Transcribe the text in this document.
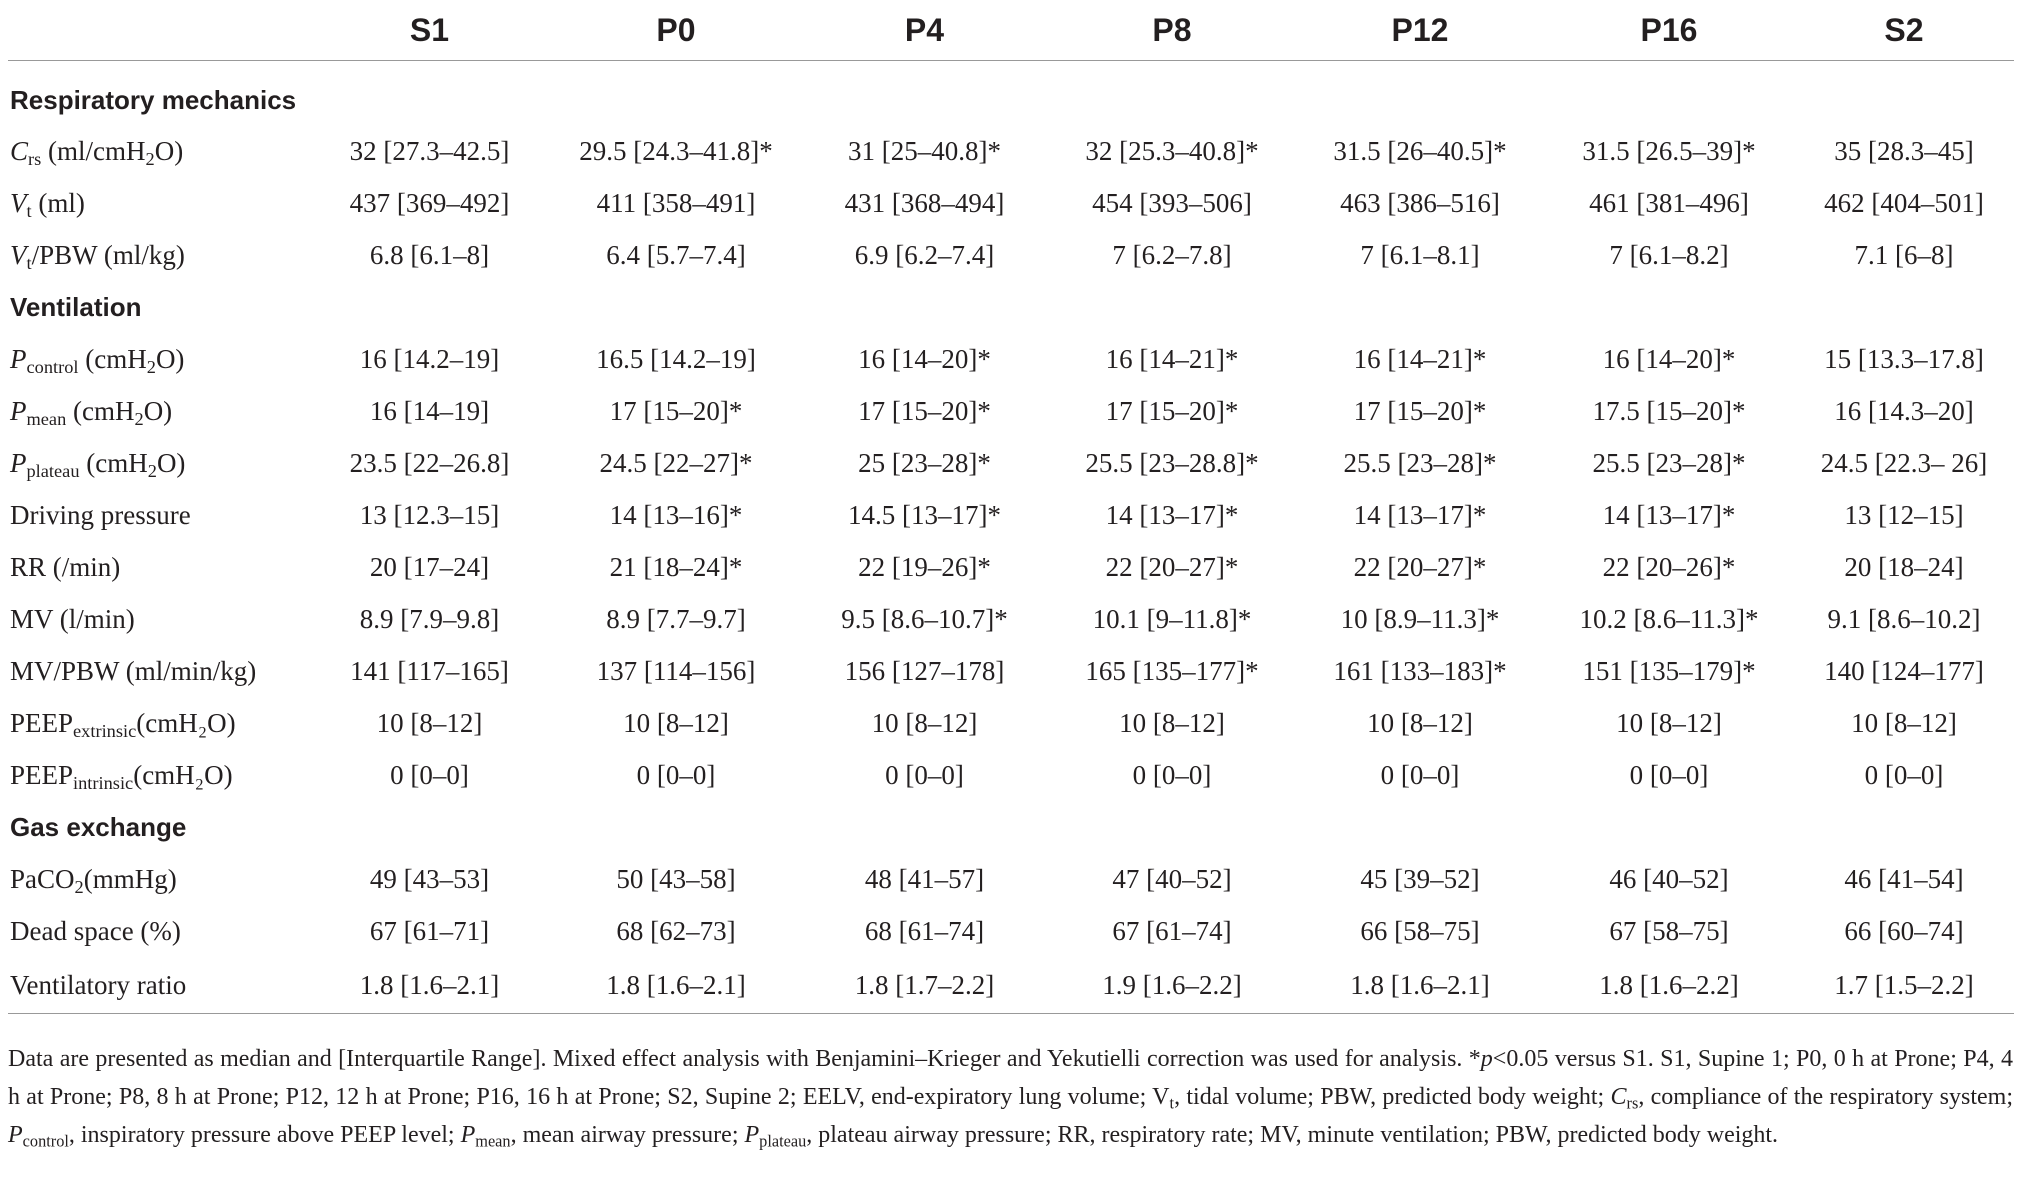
	S1	P0	P4	P8	P12	P16	S2
Respiratory mechanics							
$C_{rs}$ (ml/cmH$_2$O)	32 [27.3–42.5]	29.5 [24.3–41.8]*	31 [25–40.8]*	32 [25.3–40.8]*	31.5 [26–40.5]*	31.5 [26.5–39]*	35 [28.3–45]
$V_t$ (ml)	437 [369–492]	411 [358–491]	431 [368–494]	454 [393–506]	463 [386–516]	461 [381–496]	462 [404–501]
$V_t$/PBW (ml/kg)	6.8 [6.1–8]	6.4 [5.7–7.4]	6.9 [6.2–7.4]	7 [6.2–7.8]	7 [6.1–8.1]	7 [6.1–8.2]	7.1 [6–8]
Ventilation							
$P_{control}$ (cmH$_2$O)	16 [14.2–19]	16.5 [14.2–19]	16 [14–20]*	16 [14–21]*	16 [14–21]*	16 [14–20]*	15 [13.3–17.8]
$P_{mean}$ (cmH$_2$O)	16 [14–19]	17 [15–20]*	17 [15–20]*	17 [15–20]*	17 [15–20]*	17.5 [15–20]*	16 [14.3–20]
$P_{plateau}$ (cmH$_2$O)	23.5 [22–26.8]	24.5 [22–27]*	25 [23–28]*	25.5 [23–28.8]*	25.5 [23–28]*	25.5 [23–28]*	24.5 [22.3– 26]
Driving pressure	13 [12.3–15]	14 [13–16]*	14.5 [13–17]*	14 [13–17]*	14 [13–17]*	14 [13–17]*	13 [12–15]
RR (/min)	20 [17–24]	21 [18–24]*	22 [19–26]*	22 [20–27]*	22 [20–27]*	22 [20–26]*	20 [18–24]
MV (l/min)	8.9 [7.9–9.8]	8.9 [7.7–9.7]	9.5 [8.6–10.7]*	10.1 [9–11.8]*	10 [8.9–11.3]*	10.2 [8.6–11.3]*	9.1 [8.6–10.2]
MV/PBW (ml/min/kg)	141 [117–165]	137 [114–156]	156 [127–178]	165 [135–177]*	161 [133–183]*	151 [135–179]*	140 [124–177]
$PEEP_{extrinsic}(cmH_2O)$	10 [8–12]	10 [8–12]	10 [8–12]	10 [8–12]	10 [8–12]	10 [8–12]	10 [8–12]
$PEEP_{intrinsic}(cmH_2O)$	0 [0–0]	0 [0–0]	0 [0–0]	0 [0–0]	0 [0–0]	0 [0–0]	0 [0–0]
Gas exchange							
PaCO$_2$(mmHg)	49 [43–53]	50 [43–58]	48 [41–57]	47 [40–52]	45 [39–52]	46 [40–52]	46 [41–54]
Dead space (%)	67 [61–71]	68 [62–73]	68 [61–74]	67 [61–74]	66 [58–75]	67 [58–75]	66 [60–74]
Ventilatory ratio	1.8 [1.6–2.1]	1.8 [1.6–2.1]	1.8 [1.7–2.2]	1.9 [1.6–2.2]	1.8 [1.6–2.1]	1.8 [1.6–2.2]	1.7 [1.5–2.2]
Data are presented as median and [Interquartile Range]. Mixed effect analysis with Benjamini–Krieger and Yekutielli correction was used for analysis. *p<0.05 versus S1. S1, Supine 1; P0, 0 h at Prone; P4, 4 h at Prone; P8, 8 h at Prone; P12, 12 h at Prone; P16, 16 h at Prone; S2, Supine 2; EELV, end-expiratory lung volume; $V_t$, tidal volume; PBW, predicted body weight; $C_{rs}$, compliance of the respiratory system; $P_{control}$, inspiratory pressure above PEEP level; $P_{mean}$, mean airway pressure; $P_{plateau}$, plateau airway pressure; RR, respiratory rate; MV, minute ventilation; PBW, predicted body weight.
